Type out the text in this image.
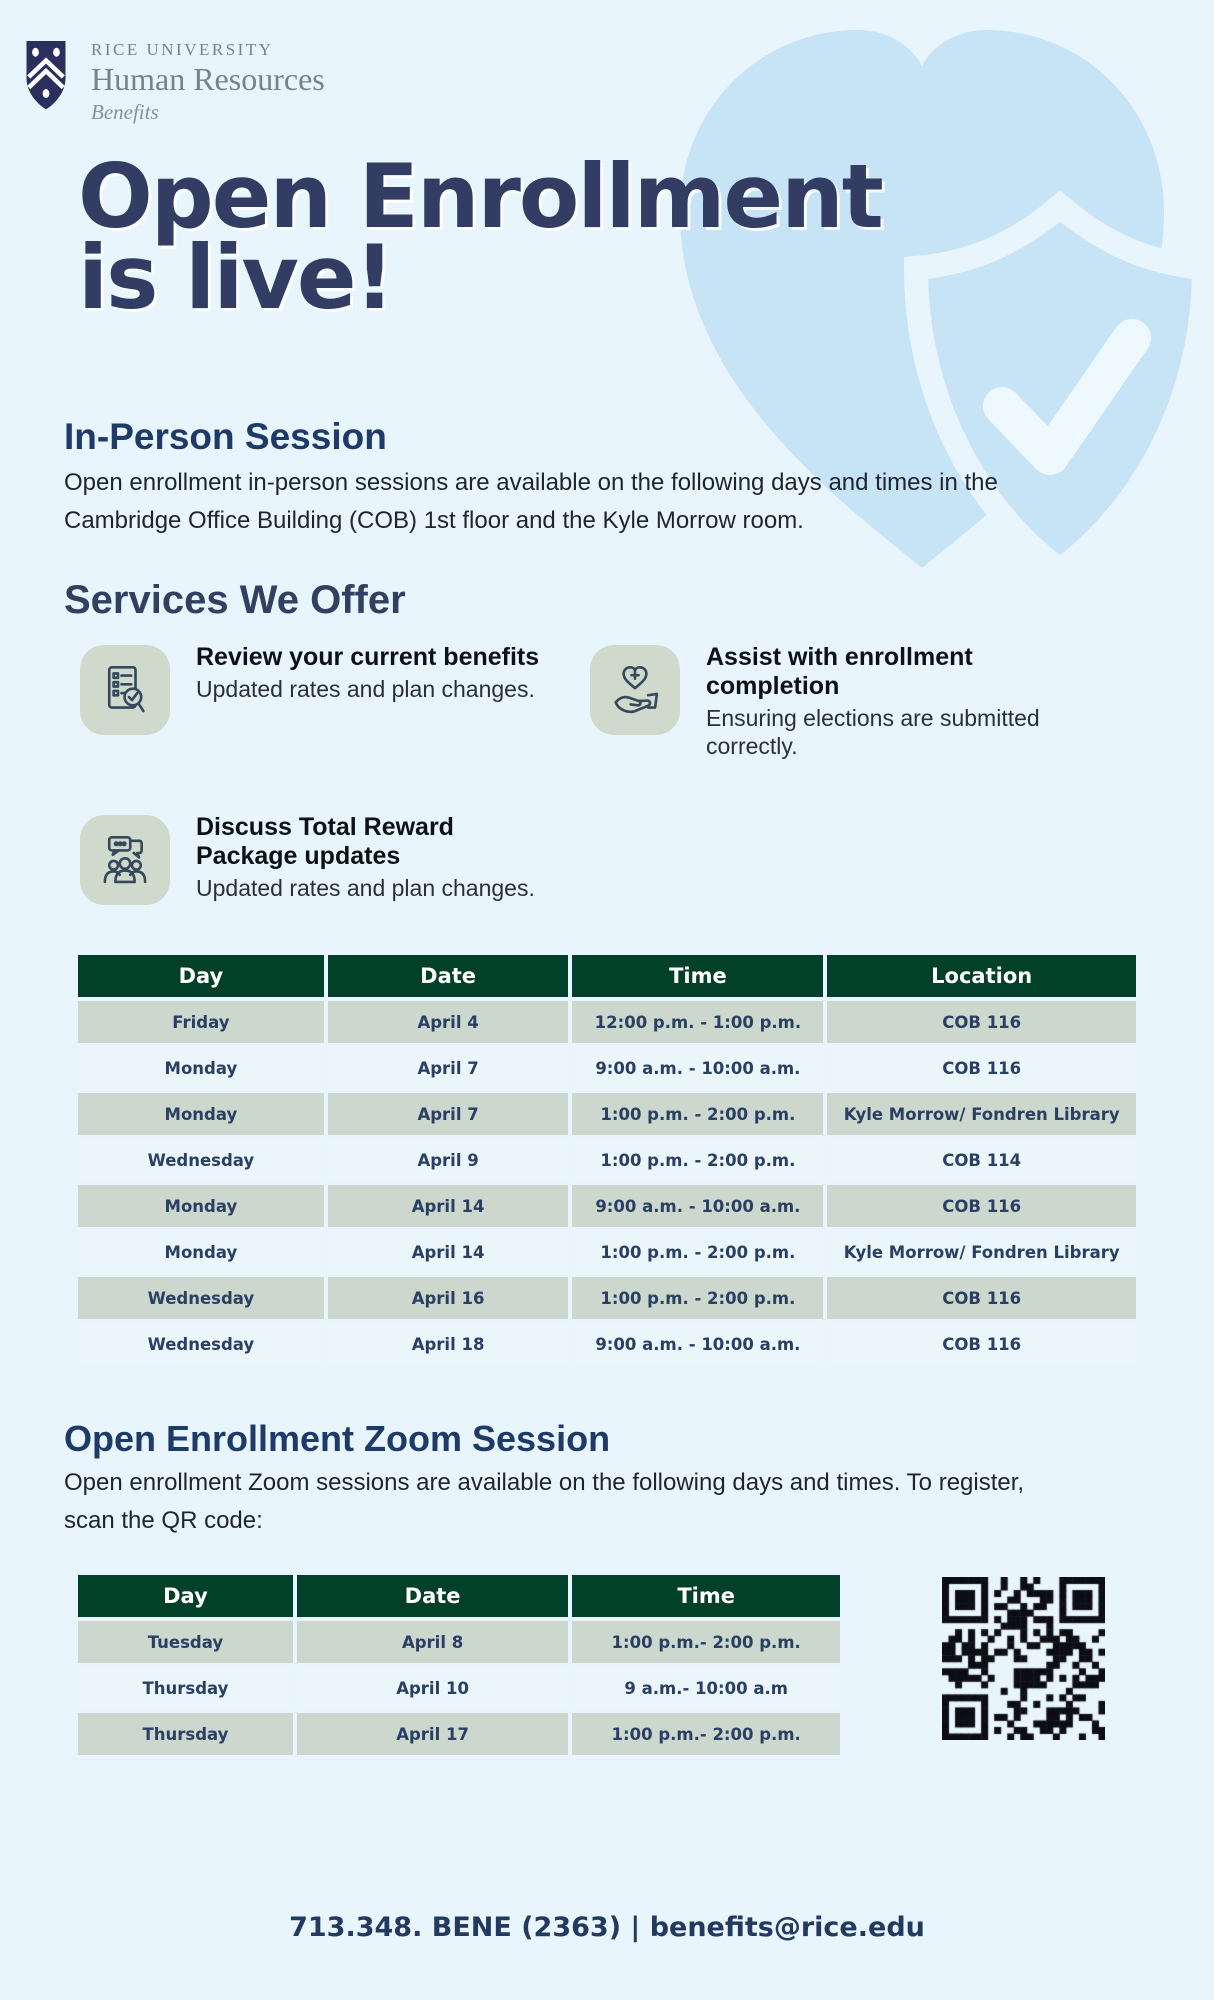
RICE UNIVERSITY
Human Resources
Benefits
Open Enrollment
is live!
In-Person Session

Open enrollment in-person sessions are available on the following days and times in the Cambridge Office Building (COB) 1st floor and the Kyle Morrow room.

Services We Offer
Review your current benefits
Updated rates and plan changes.
Assist with enrollment completion
Ensuring elections are submitted correctly.
Discuss Total Reward Package updates
Updated rates and plan changes.
Day	Date	Time	Location
Friday	April 4	12:00 p.m. - 1:00 p.m.	COB 116
Monday	April 7	9:00 a.m. - 10:00 a.m.	COB 116
Monday	April 7	1:00 p.m. - 2:00 p.m.	Kyle Morrow/ Fondren Library
Wednesday	April 9	1:00 p.m. - 2:00 p.m.	COB 114
Monday	April 14	9:00 a.m. - 10:00 a.m.	COB 116
Monday	April 14	1:00 p.m. - 2:00 p.m.	Kyle Morrow/ Fondren Library
Wednesday	April 16	1:00 p.m. - 2:00 p.m.	COB 116
Wednesday	April 18	9:00 a.m. - 10:00 a.m.	COB 116
Open Enrollment Zoom Session

Open enrollment Zoom sessions are available on the following days and times. To register, scan the QR code:

Day	Date	Time
Tuesday	April 8	1:00 p.m.- 2:00 p.m.
Thursday	April 10	9 a.m.- 10:00 a.m
Thursday	April 17	1:00 p.m.- 2:00 p.m.
713.348. BENE (2363) | benefits@rice.edu
